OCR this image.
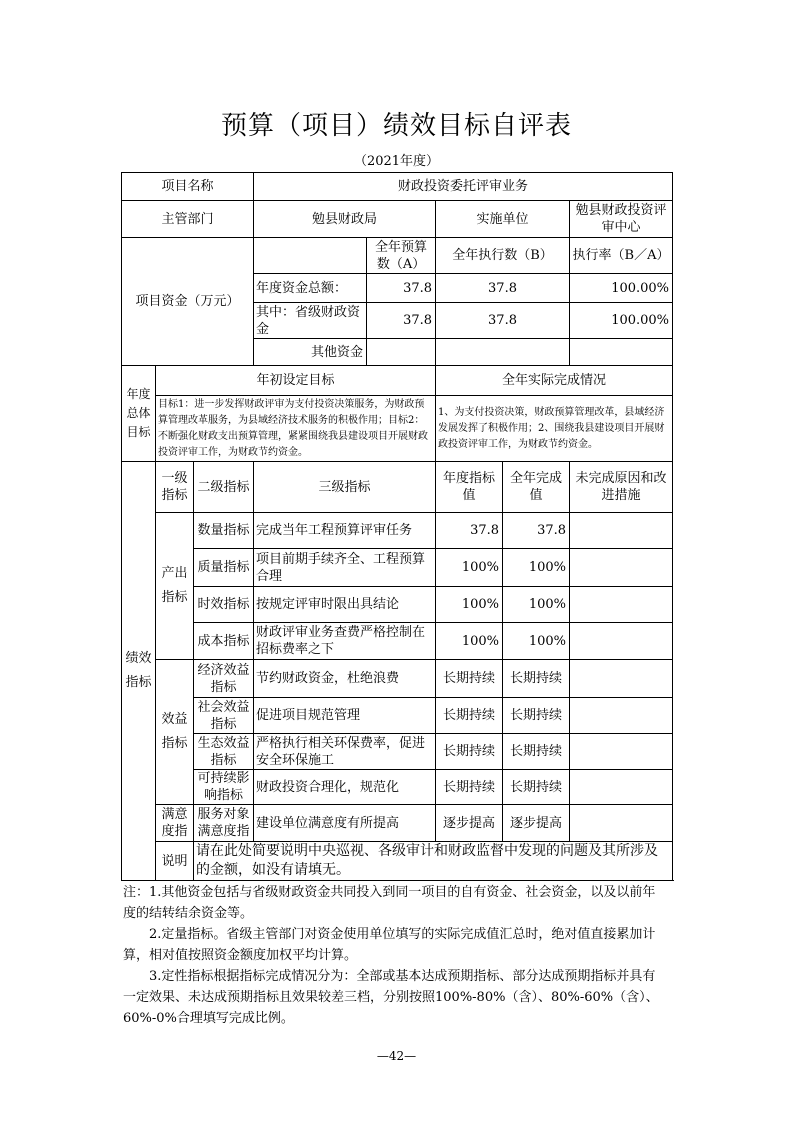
预算（项目）绩效目标自评表
（2021年度）
项目名称			财政投资委托评审业务				
主管部门			勉县财政局		实施单位		勉县财政投资评审中心
项目资金（万元）				全年预算数（A）	全年执行数（B）		执行率（B／A）
			年度资金总额：	37.8	37.8		100.00%
			其中：省级财政资金	37.8	37.8		100.00%
			其他资金				
年度总体目标	年初设定目标				全年实际完成情况		
	目标1：进一步发挥财政评审为支付投资决策服务，为财政预算管理改革服务，为县域经济技术服务的积极作用；目标2：不断强化财政支出预算管理，紧紧围绕我县建设项目开展财政投资评审工作，为财政节约资金。				1、为支付投资决策，财政预算管理改革，县域经济发展发挥了积极作用；2、围绕我县建设项目开展财政投资评审工作，为财政节约资金。		
绩效指标	一级指标	二级指标	三级指标		年度指标值	全年完成值	未完成原因和改进措施
	产出指标	数量指标	完成当年工程预算评审任务		37.8	37.8	
		质量指标	项目前期手续齐全、工程预算合理		100%	100%	
		时效指标	按规定评审时限出具结论		100%	100%	
		成本指标	财政评审业务查费严格控制在招标费率之下		100%	100%	
	效益指标	经济效益指标	节约财政资金，杜绝浪费		长期持续	长期持续	
		社会效益指标	促进项目规范管理		长期持续	长期持续	
		生态效益指标	严格执行相关环保费率，促进安全环保施工		长期持续	长期持续	
		可持续影响指标	财政投资合理化，规范化		长期持续	长期持续	
	满意度指	服务对象满意度指	建设单位满意度有所提高		逐步提高	逐步提高	
	说明	请在此处简要说明中央巡视、各级审计和财政监督中发现的问题及其所涉及的金额，如没有请填无。					

注：1.其他资金包括与省级财政资金共同投入到同一项目的自有资金、社会资金，以及以前年度的结转结余资金等。

2.定量指标。省级主管部门对资金使用单位填写的实际完成值汇总时，绝对值直接累加计算，相对值按照资金额度加权平均计算。

3.定性指标根据指标完成情况分为：全部或基本达成预期指标、部分达成预期指标并具有一定效果、未达成预期指标且效果较差三档，分别按照100%-80%（含）、80%-60%（含）、60%-0%合理填写完成比例。

—42—
